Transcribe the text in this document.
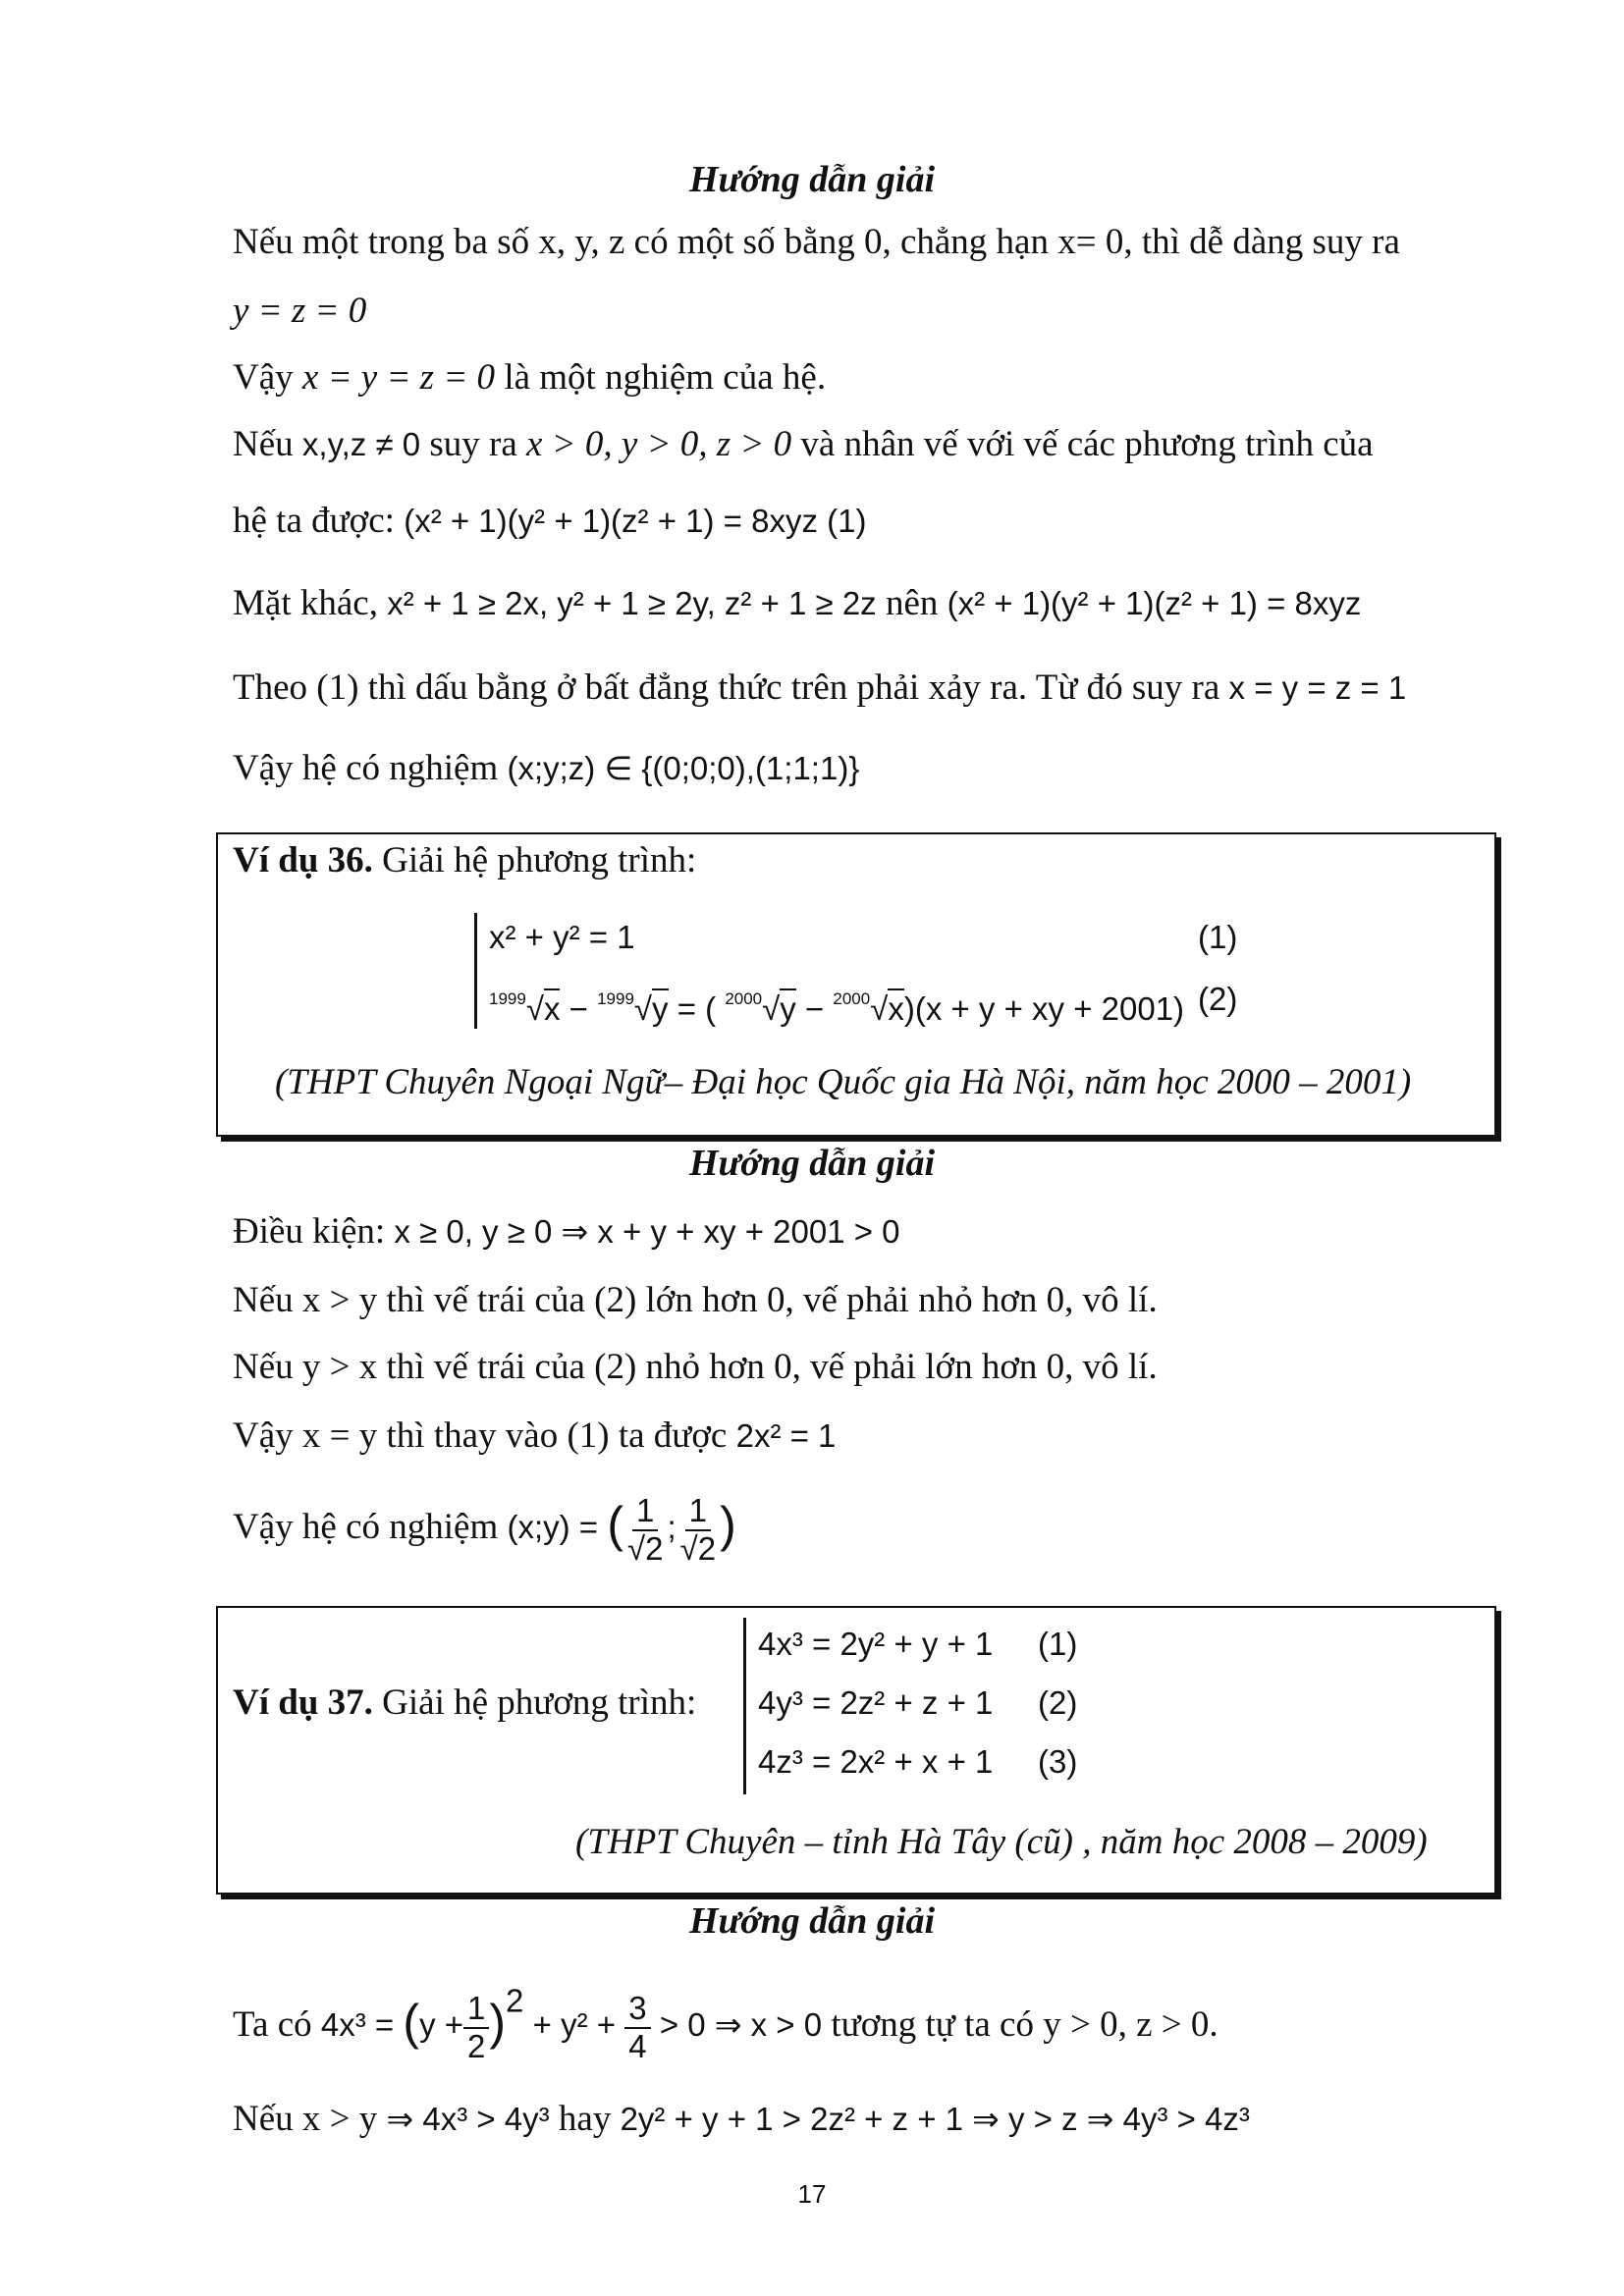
Hướng dẫn giải
Nếu một trong ba số x, y, z có một số bằng 0, chẳng hạn x= 0, thì dễ dàng suy ra
y = z = 0
Vậy x = y = z = 0 là một nghiệm của hệ.
Nếu x,y,z ≠ 0 suy ra x > 0, y > 0, z > 0 và nhân vế với vế các phương trình của
hệ ta được: (x² + 1)(y² + 1)(z² + 1) = 8xyz (1)
Mặt khác, x² + 1 ≥ 2x, y² + 1 ≥ 2y, z² + 1 ≥ 2z nên (x² + 1)(y² + 1)(z² + 1) = 8xyz
Theo (1) thì dấu bằng ở bất đẳng thức trên phải xảy ra. Từ đó suy ra x = y = z = 1
Vậy hệ có nghiệm (x;y;z) ∈ {(0;0;0),(1;1;1)}
Ví dụ 36. Giải hệ phương trình:
x² + y² = 1	(1)
$^{1999}$√x − $^{1999}$√y = ( $^{2000}$√y − $^{2000}$√x)(x + y + xy + 2001) (2)
(THPT Chuyên Ngoại Ngữ– Đại học Quốc gia Hà Nội, năm học 2000 – 2001)
Hướng dẫn giải
Điều kiện: x ≥ 0, y ≥ 0 ⇒ x + y + xy + 2001 > 0
Nếu x > y thì vế trái của (2) lớn hơn 0, vế phải nhỏ hơn 0, vô lí.
Nếu y > x thì vế trái của (2) nhỏ hơn 0, vế phải lớn hơn 0, vô lí.
Vậy x = y thì thay vào (1) ta được 2x² = 1
Vậy hệ có nghiệm (x;y) = ( $\frac{1}{√2}$ ; $\frac{1}{√2}$ )
4x³ = 2y² + y + 1 (1)
Ví dụ 37. Giải hệ phương trình: 4y³ = 2z² + z + 1 (2)
4z³ = 2x² + x + 1 (3)
(THPT Chuyên – tỉnh Hà Tây (cũ) , năm học 2008 – 2009)
Hướng dẫn giải
Ta có $4x^3 = (y + \frac{1}{2} )^2 + y^2 + \frac{3}{4} > 0$ ⇒ x > 0 tương tự ta có y > 0, z > 0.
Nếu x > y ⇒ 4x³ > 4y³ hay 2y² + y + 1 > 2z² + z + 1 ⇒ y > z ⇒ 4y³ > 4z³
17
